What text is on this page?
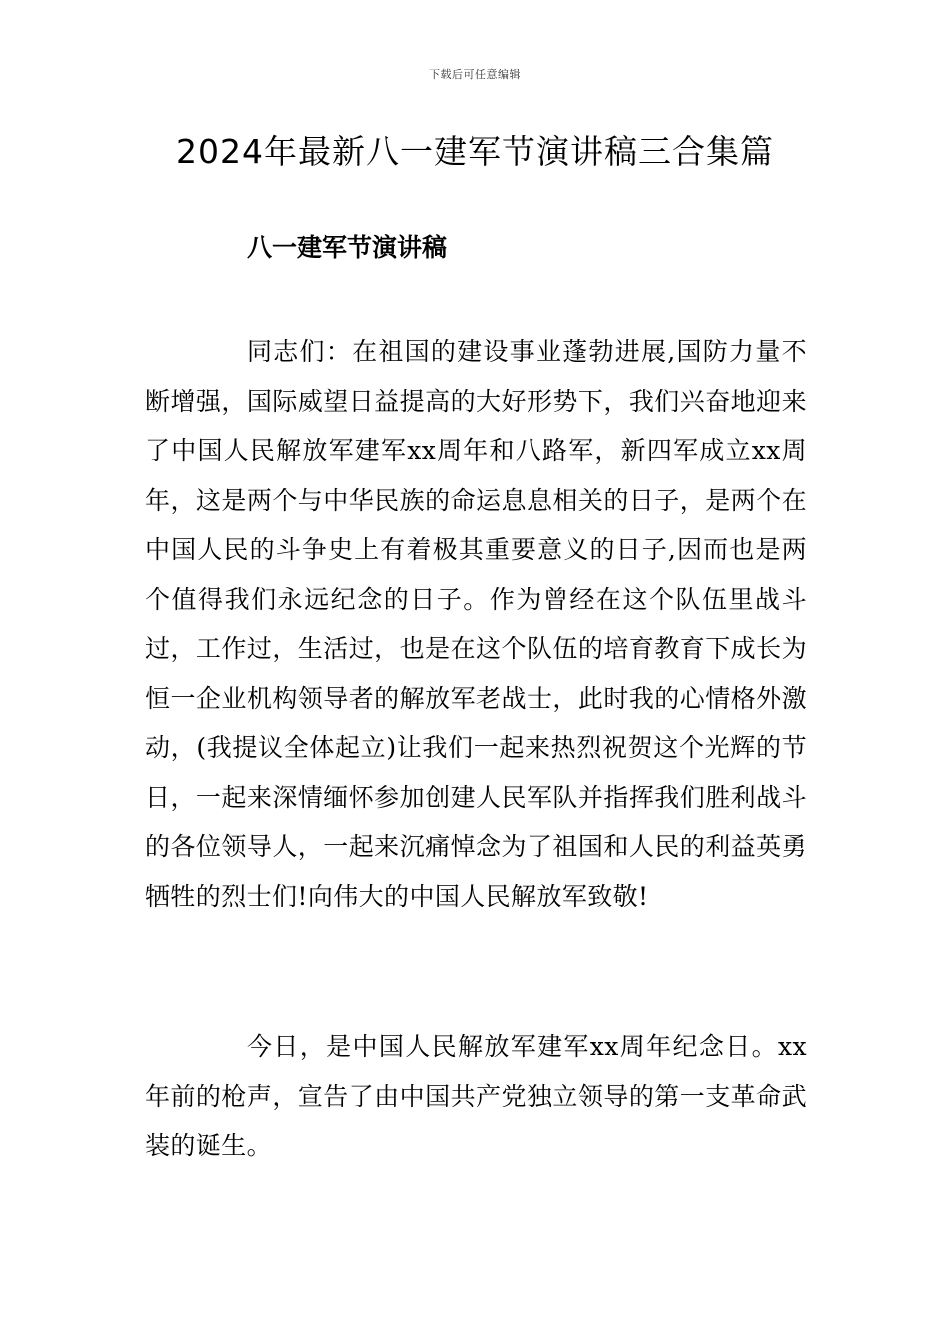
下载后可任意编辑
2024年最新八一建军节演讲稿三合集篇
八一建军节演讲稿

同志们：在祖国的建设事业蓬勃进展,国防力量不断增强，国际威望日益提高的大好形势下，我们兴奋地迎来了中国人民解放军建军xx周年和八路军，新四军成立xx周年，这是两个与中华民族的命运息息相关的日子，是两个在中国人民的斗争史上有着极其重要意义的日子,因而也是两个值得我们永远纪念的日子。作为曾经在这个队伍里战斗过，工作过，生活过，也是在这个队伍的培育教育下成长为恒一企业机构领导者的解放军老战士，此时我的心情格外激动，(我提议全体起立)让我们一起来热烈祝贺这个光辉的节日，一起来深情缅怀参加创建人民军队并指挥我们胜利战斗的各位领导人，一起来沉痛悼念为了祖国和人民的利益英勇牺牲的烈士们!向伟大的中国人民解放军致敬!

今日，是中国人民解放军建军xx周年纪念日。xx年前的枪声，宣告了由中国共产党独立领导的第一支革命武装的诞生。
